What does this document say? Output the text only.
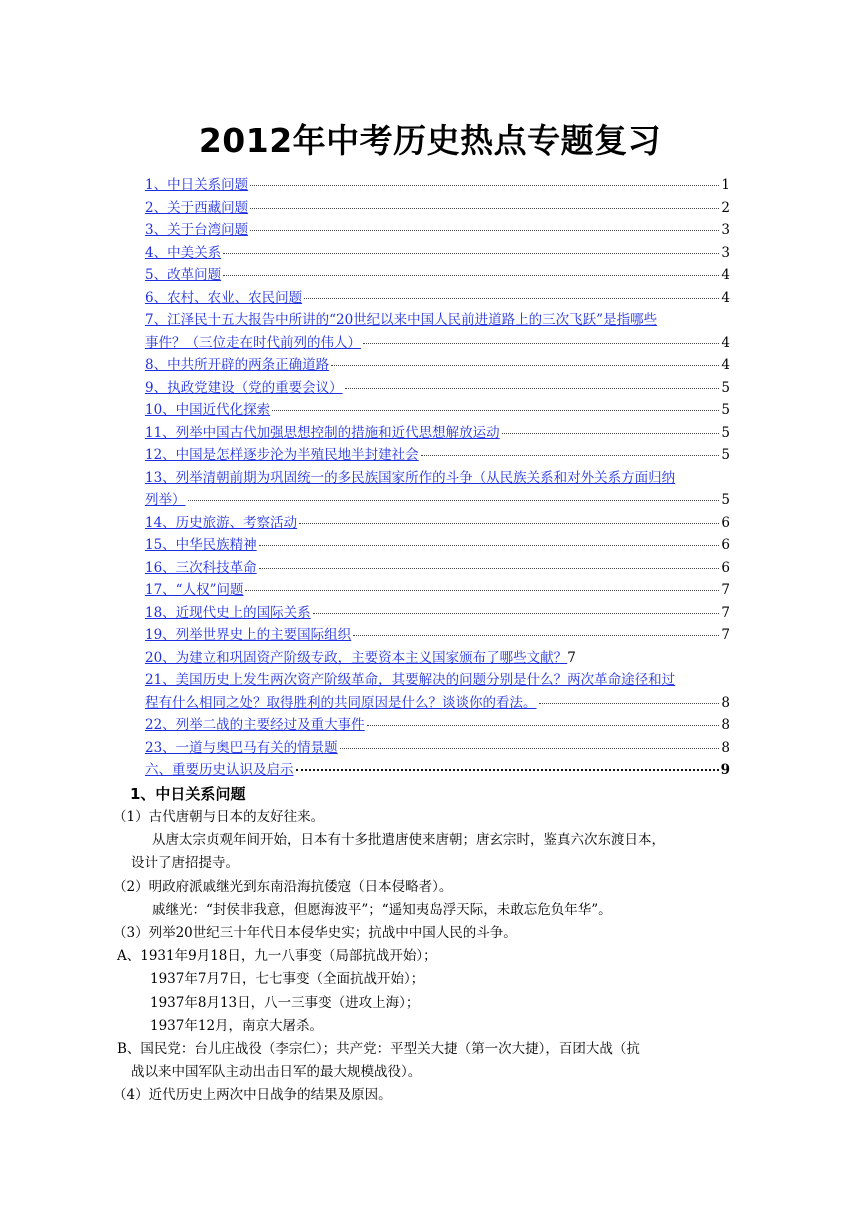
2012年中考历史热点专题复习
1、中日关系问题	1
2、关于西藏问题	2
3、关于台湾问题	3
4、中美关系	3
5、改革问题	4
6、农村、农业、农民问题	4
7、江泽民十五大报告中所讲的“20世纪以来中国人民前进道路上的三次飞跃”是指哪些
事件？（三位走在时代前列的伟人）	4
8、中共所开辟的两条正确道路	4
9、执政党建设（党的重要会议）	5
10、中国近代化探索	5
11、列举中国古代加强思想控制的措施和近代思想解放运动	5
12、中国是怎样逐步沦为半殖民地半封建社会	5
13、列举清朝前期为巩固统一的多民族国家所作的斗争（从民族关系和对外关系方面归纳
列举）	5
14、历史旅游、考察活动	6
15、中华民族精神	6
16、三次科技革命	6
17、“人权”问题	7
18、近现代史上的国际关系	7
19、列举世界史上的主要国际组织	7
20、为建立和巩固资产阶级专政，主要资本主义国家颁布了哪些文献？ 7
21、美国历史上发生两次资产阶级革命，其要解决的问题分别是什么？两次革命途径和过
程有什么相同之处？取得胜利的共同原因是什么？谈谈你的看法。	8
22、列举二战的主要经过及重大事件	8
23、一道与奥巴马有关的情景题	8
六、重要历史认识及启示	9
1、中日关系问题

（1）古代唐朝与日本的友好往来。

从唐太宗贞观年间开始，日本有十多批遣唐使来唐朝；唐玄宗时，鉴真六次东渡日本，

设计了唐招提寺。

（2）明政府派戚继光到东南沿海抗倭寇（日本侵略者）。

戚继光：“封侯非我意，但愿海波平”；“遥知夷岛浮天际，未敢忘危负年华”。

（3）列举20世纪三十年代日本侵华史实；抗战中中国人民的斗争。

A、1931年9月18日，九一八事变（局部抗战开始）；

1937年7月7日，七七事变（全面抗战开始）；

1937年8月13日，八一三事变（进攻上海）；

1937年12月，南京大屠杀。

B、国民党：台儿庄战役（李宗仁）；共产党：平型关大捷（第一次大捷），百团大战（抗

战以来中国军队主动出击日军的最大规模战役）。

（4）近代历史上两次中日战争的结果及原因。
